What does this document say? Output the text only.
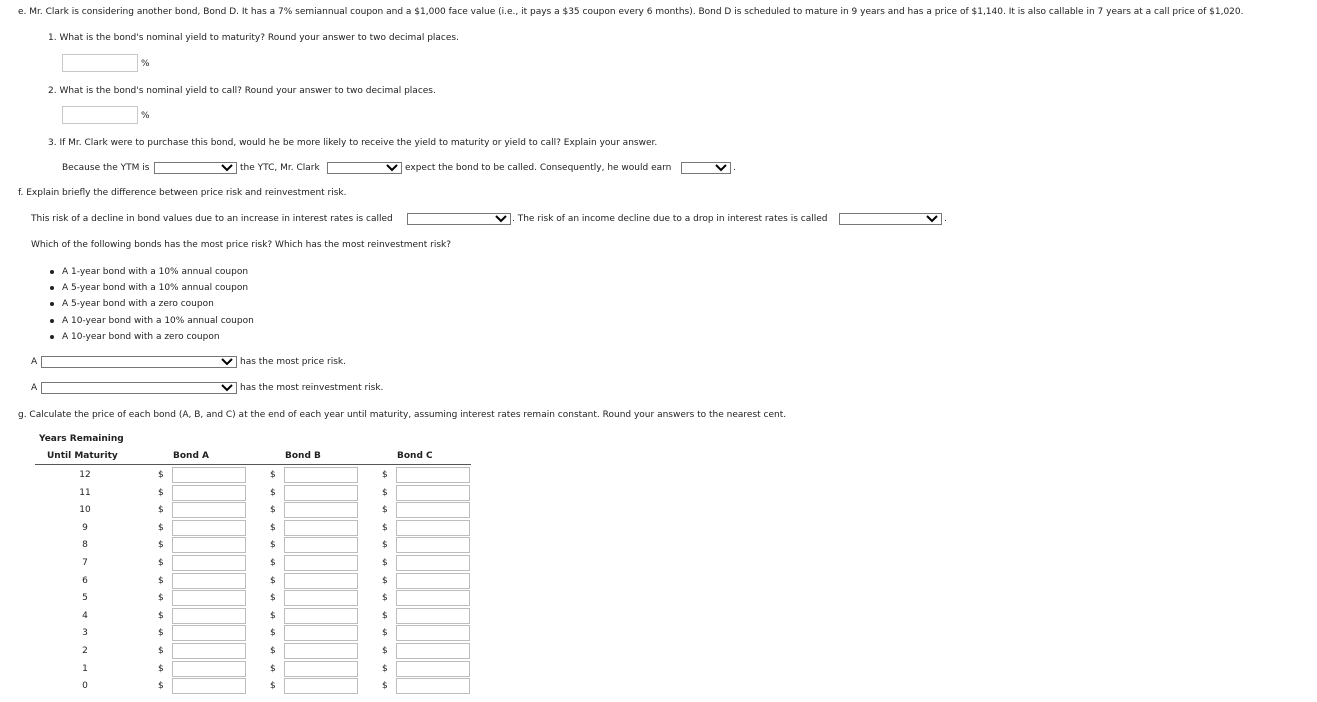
e. Mr. Clark is considering another bond, Bond D. It has a 7% semiannual coupon and a $1,000 face value (i.e., it pays a $35 coupon every 6 months). Bond D is scheduled to mature in 9 years and has a price of $1,140. It is also callable in 7 years at a call price of $1,020.
1. What is the bond's nominal yield to maturity? Round your answer to two decimal places.
%
2. What is the bond's nominal yield to call? Round your answer to two decimal places.
%
3. If Mr. Clark were to purchase this bond, would he be more likely to receive the yield to maturity or yield to call? Explain your answer.
Because the YTM is	the YTC, Mr. Clark	expect the bond to be called. Consequently, he would earn	.
f. Explain briefly the difference between price risk and reinvestment risk.
This risk of a decline in bond values due to an increase in interest rates is called	. The risk of an income decline due to a drop in interest rates is called	.
Which of the following bonds has the most price risk? Which has the most reinvestment risk?
A 1-year bond with a 10% annual coupon
A 5-year bond with a 10% annual coupon
A 5-year bond with a zero coupon
A 10-year bond with a 10% annual coupon
A 10-year bond with a zero coupon
A	has the most price risk.
A	has the most reinvestment risk.
g. Calculate the price of each bond (A, B, and C) at the end of each year until maturity, assuming interest rates remain constant. Round your answers to the nearest cent.
Years Remaining
Until Maturity	Bond A	Bond B	Bond C
12	$	$	$
11	$	$	$
10	$	$	$
9	$	$	$
8	$	$	$
7	$	$	$
6	$	$	$
5	$	$	$
4	$	$	$
3	$	$	$
2	$	$	$
1	$	$	$
0	$	$	$
